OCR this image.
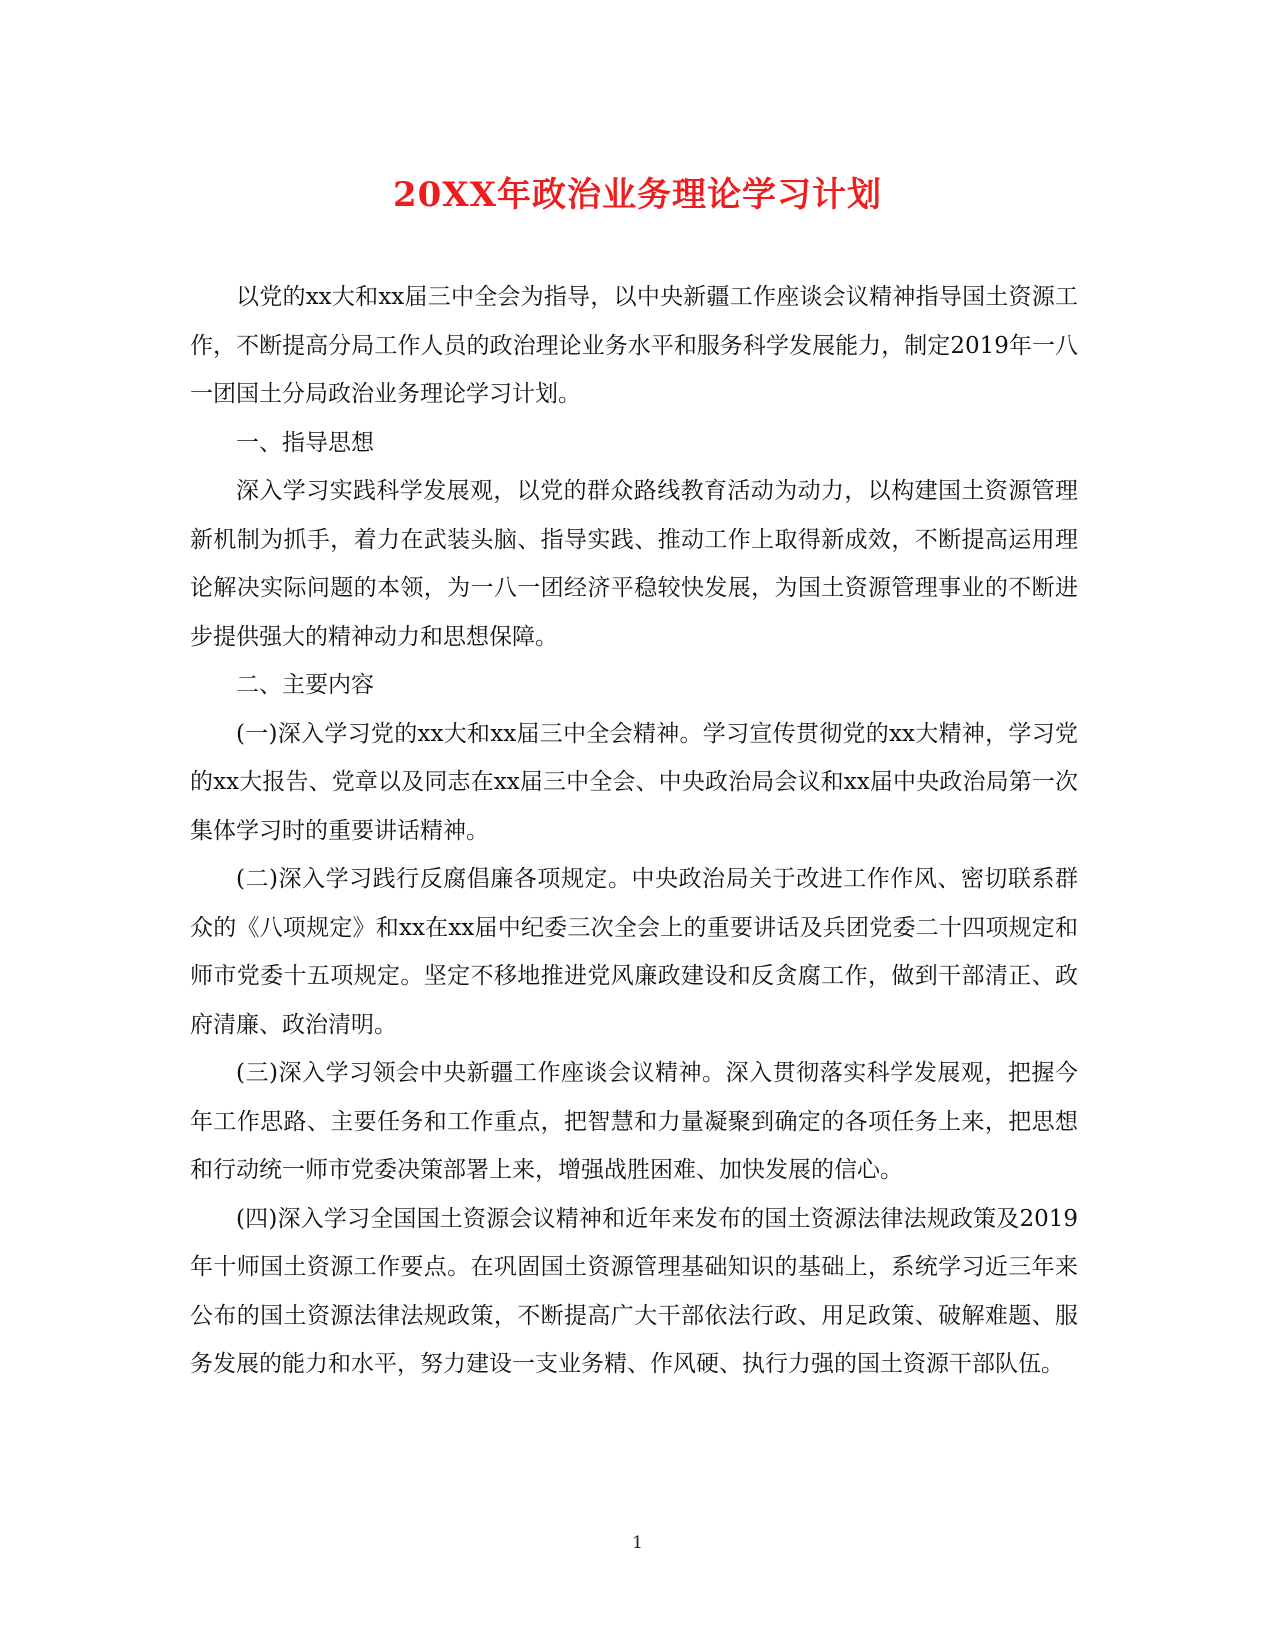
20XX年政治业务理论学习计划

以党的xx大和xx届三中全会为指导，以中央新疆工作座谈会议精神指导国土资源工作，不断提高分局工作人员的政治理论业务水平和服务科学发展能力，制定2019年一八一团国土分局政治业务理论学习计划。

一、指导思想

深入学习实践科学发展观，以党的群众路线教育活动为动力，以构建国土资源管理新机制为抓手，着力在武装头脑、指导实践、推动工作上取得新成效，不断提高运用理论解决实际问题的本领，为一八一团经济平稳较快发展，为国土资源管理事业的不断进步提供强大的精神动力和思想保障。

二、主要内容

(一)深入学习党的xx大和xx届三中全会精神。学习宣传贯彻党的xx大精神，学习党的xx大报告、党章以及同志在xx届三中全会、中央政治局会议和xx届中央政治局第一次集体学习时的重要讲话精神。

(二)深入学习践行反腐倡廉各项规定。中央政治局关于改进工作作风、密切联系群众的《八项规定》和xx在xx届中纪委三次全会上的重要讲话及兵团党委二十四项规定和师市党委十五项规定。坚定不移地推进党风廉政建设和反贪腐工作，做到干部清正、政府清廉、政治清明。

(三)深入学习领会中央新疆工作座谈会议精神。深入贯彻落实科学发展观，把握今年工作思路、主要任务和工作重点，把智慧和力量凝聚到确定的各项任务上来，把思想和行动统一师市党委决策部署上来，增强战胜困难、加快发展的信心。

(四)深入学习全国国土资源会议精神和近年来发布的国土资源法律法规政策及2019年十师国土资源工作要点。在巩固国土资源管理基础知识的基础上，系统学习近三年来公布的国土资源法律法规政策，不断提高广大干部依法行政、用足政策、破解难题、服务发展的能力和水平，努力建设一支业务精、作风硬、执行力强的国土资源干部队伍。

1
